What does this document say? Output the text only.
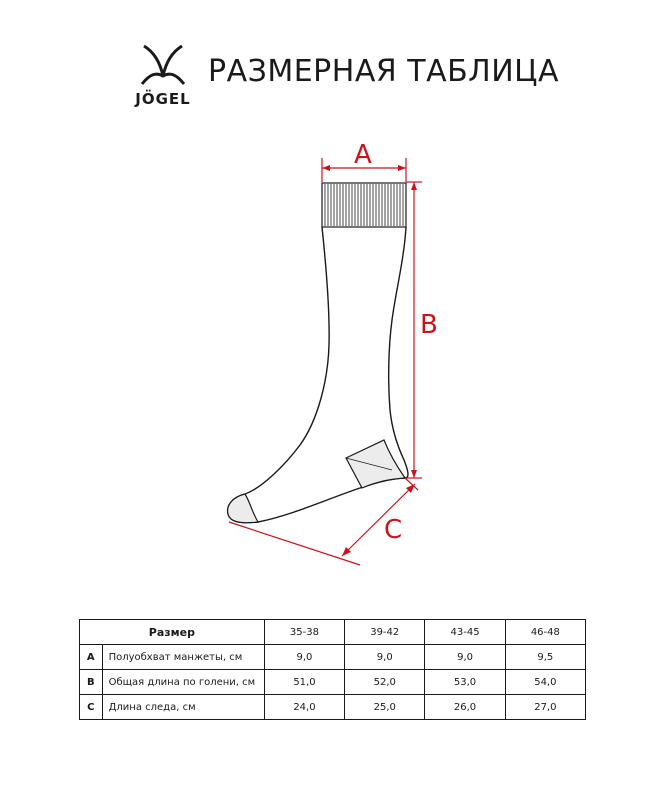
JÖGEL
РАЗМЕРНАЯ ТАБЛИЦА
A
B
C
Размер		35-38	39-42	43-45	46-48
A	Полуобхват манжеты, см	9,0	9,0	9,0	9,5
B	Общая длина по голени, см	51,0	52,0	53,0	54,0
C	Длина следа, см	24,0	25,0	26,0	27,0
